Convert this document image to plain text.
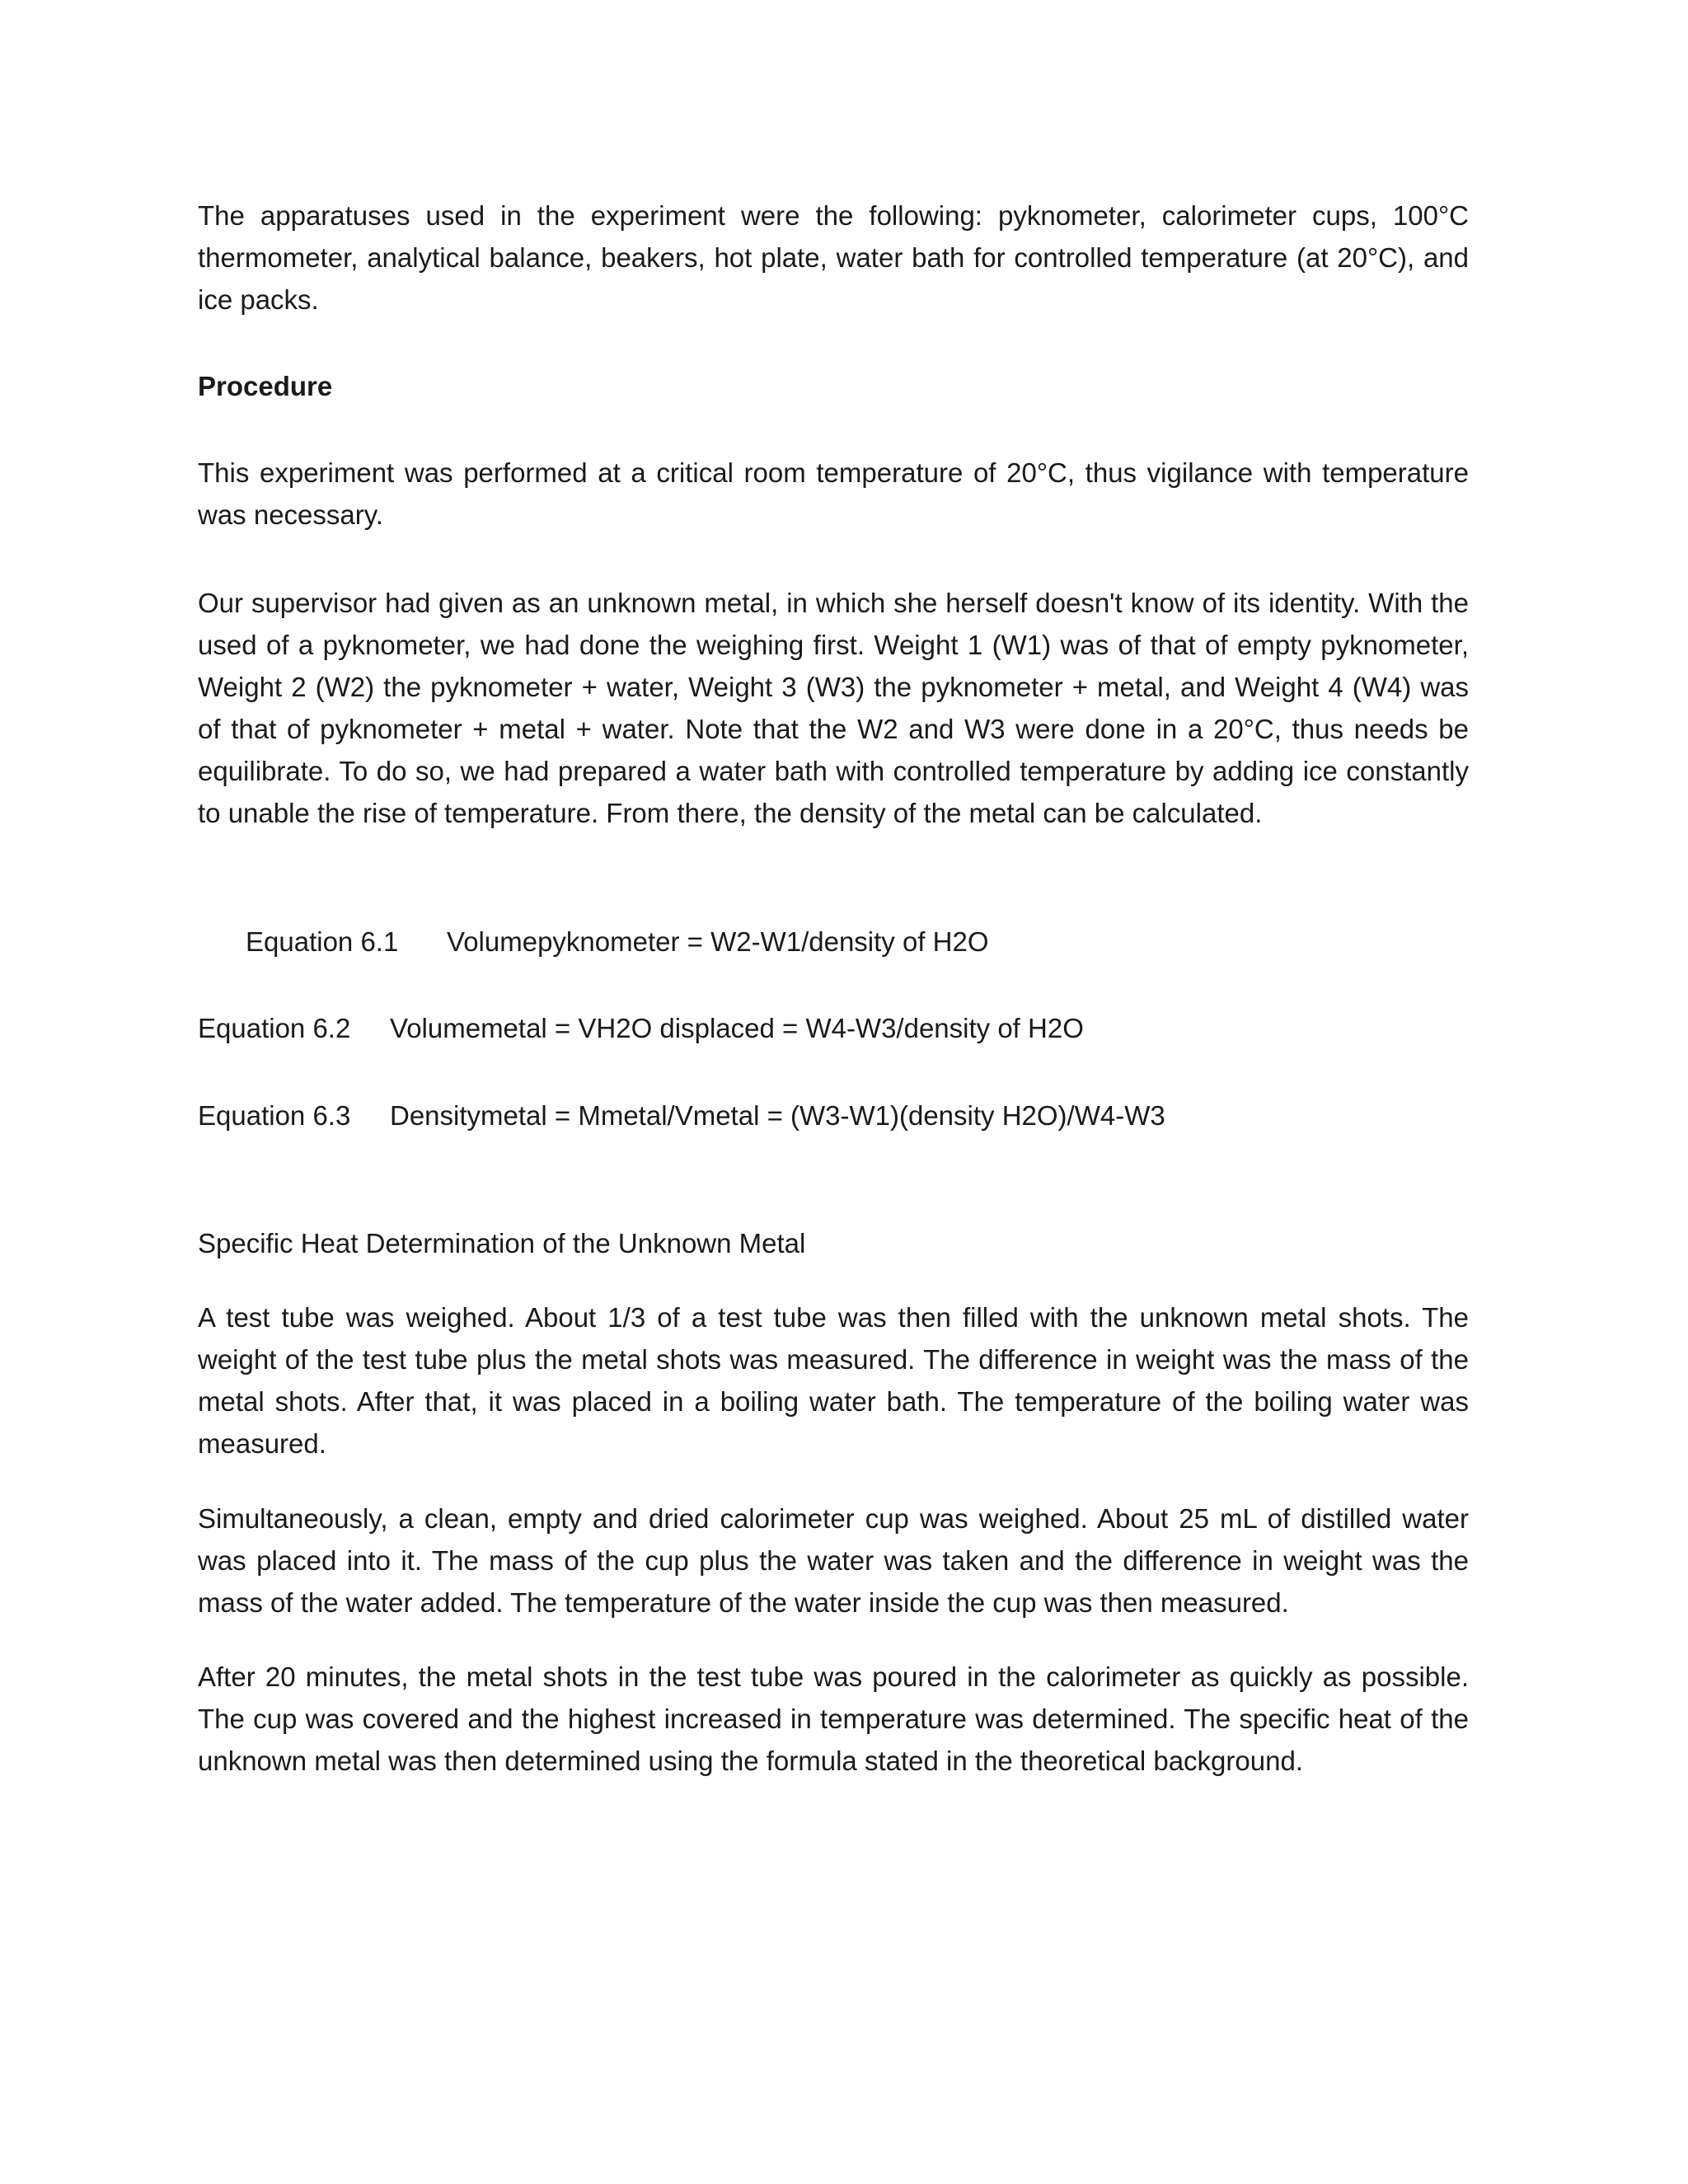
The apparatuses used in the experiment were the following: pyknometer, calorimeter cups, 100°C thermometer, analytical balance, beakers, hot plate, water bath for controlled temperature (at 20°C), and ice packs.

Procedure

This experiment was performed at a critical room temperature of 20°C, thus vigilance with temperature was necessary.

Our supervisor had given as an unknown metal, in which she herself doesn't know of its identity. With the used of a pyknometer, we had done the weighing first. Weight 1 (W1) was of that of empty pyknometer, Weight 2 (W2) the pyknometer + water, Weight 3 (W3) the pyknometer + metal, and Weight 4 (W4) was of that of pyknometer + metal + water. Note that the W2 and W3 were done in a 20°C, thus needs be equilibrate. To do so, we had prepared a water bath with controlled temperature by adding ice constantly to unable the rise of temperature. From there, the density of the metal can be calculated.

Equation 6.1 Volumepyknometer = W2-W1/density of H2O
Equation 6.2 Volumemetal = VH2O displaced = W4-W3/density of H2O
Equation 6.3 Densitymetal = Mmetal/Vmetal = (W3-W1)(density H2O)/W4-W3

Specific Heat Determination of the Unknown Metal

A test tube was weighed. About 1/3 of a test tube was then filled with the unknown metal shots. The weight of the test tube plus the metal shots was measured. The difference in weight was the mass of the metal shots. After that, it was placed in a boiling water bath. The temperature of the boiling water was measured.

Simultaneously, a clean, empty and dried calorimeter cup was weighed. About 25 mL of distilled water was placed into it. The mass of the cup plus the water was taken and the difference in weight was the mass of the water added. The temperature of the water inside the cup was then measured.

After 20 minutes, the metal shots in the test tube was poured in the calorimeter as quickly as possible. The cup was covered and the highest increased in temperature was determined. The specific heat of the unknown metal was then determined using the formula stated in the theoretical background.
